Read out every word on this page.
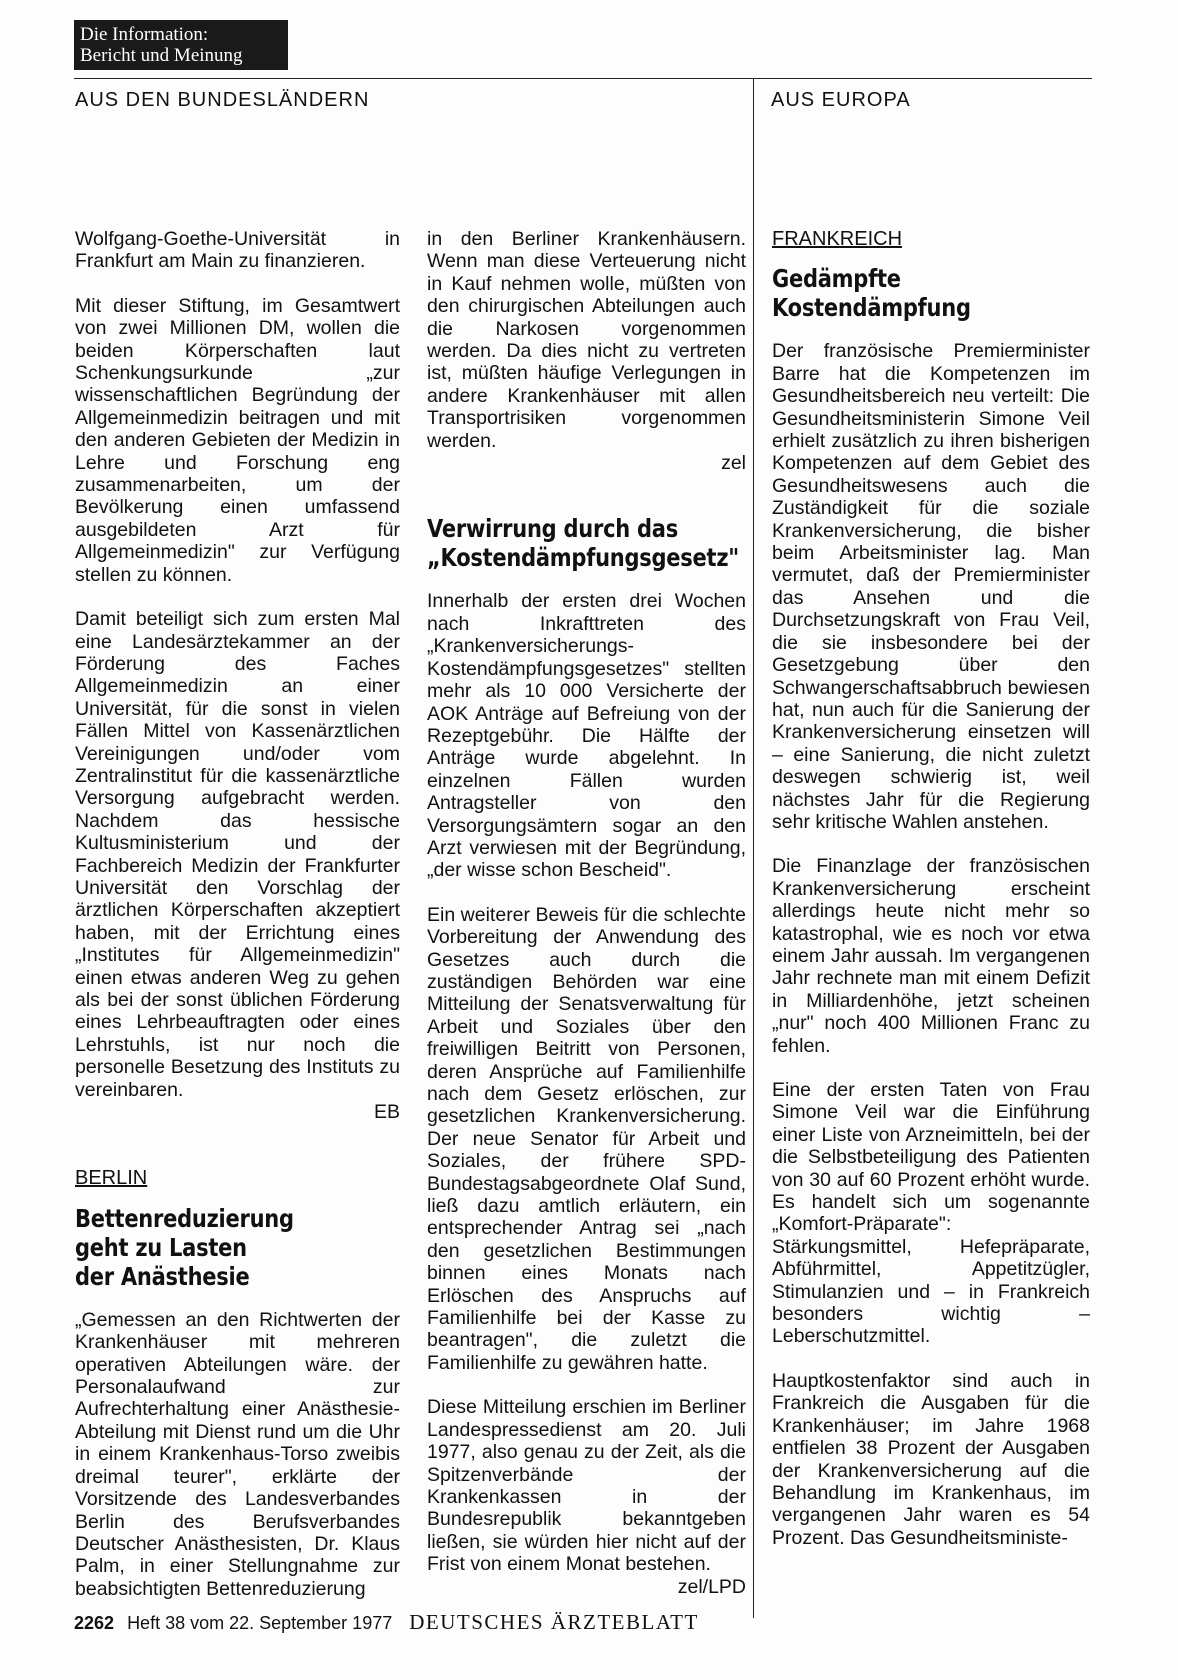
Die Information:
Bericht und Meinung
AUS DEN BUNDESLÄNDERN	AUS EUROPA

Wolfgang-Goethe-Universität in Frankfurt am Main zu finanzieren.

Mit dieser Stiftung, im Gesamtwert von zwei Millionen DM, wollen die beiden Körperschaften laut Schenkungsurkunde „zur wissenschaftlichen Begründung der Allgemeinmedizin beitragen und mit den anderen Gebieten der Medizin in Lehre und Forschung eng zusammenarbeiten, um der Bevölkerung einen umfassend ausgebildeten Arzt für Allgemeinmedizin" zur Verfügung stellen zu können.

Damit beteiligt sich zum ersten Mal eine Landesärztekammer an der Förderung des Faches Allgemeinmedizin an einer Universität, für die sonst in vielen Fällen Mittel von Kassenärztlichen Vereinigungen und/oder vom Zentralinstitut für die kassenärztliche Versorgung aufgebracht werden. Nachdem das hessische Kultusministerium und der Fachbereich Medizin der Frankfurter Universität den Vorschlag der ärztlichen Körperschaften akzeptiert haben, mit der Errichtung eines „Institutes für Allgemeinmedizin" einen etwas anderen Weg zu gehen als bei der sonst üblichen Förderung eines Lehrbeauftragten oder eines Lehrstuhls, ist nur noch die personelle Besetzung des Instituts zu vereinbaren.
EB

BERLIN
Bettenreduzierung
geht zu Lasten
der Anästhesie

„Gemessen an den Richtwerten der Krankenhäuser mit mehreren operativen Abteilungen wäre. der Personalaufwand zur Aufrechterhaltung einer Anästhesie-Abteilung mit Dienst rund um die Uhr in einem Krankenhaus-Torso zweibis dreimal teurer", erklärte der Vorsitzende des Landesverbandes Berlin des Berufsverbandes Deutscher Anästhesisten, Dr. Klaus Palm, in einer Stellungnahme zur beabsichtigten Bettenreduzierung

in den Berliner Krankenhäusern. Wenn man diese Verteuerung nicht in Kauf nehmen wolle, müßten von den chirurgischen Abteilungen auch die Narkosen vorgenommen werden. Da dies nicht zu vertreten ist, müßten häufige Verlegungen in andere Krankenhäuser mit allen Transportrisiken vorgenommen werden.
zel

Verwirrung durch das
„Kostendämpfungsgesetz"

Innerhalb der ersten drei Wochen nach Inkrafttreten des „Krankenversicherungs-Kostendämpfungsgesetzes" stellten mehr als 10 000 Versicherte der AOK Anträge auf Befreiung von der Rezeptgebühr. Die Hälfte der Anträge wurde abgelehnt. In einzelnen Fällen wurden Antragsteller von den Versorgungsämtern sogar an den Arzt verwiesen mit der Begründung, „der wisse schon Bescheid".

Ein weiterer Beweis für die schlechte Vorbereitung der Anwendung des Gesetzes auch durch die zuständigen Behörden war eine Mitteilung der Senatsverwaltung für Arbeit und Soziales über den freiwilligen Beitritt von Personen, deren Ansprüche auf Familienhilfe nach dem Gesetz erlöschen, zur gesetzlichen Krankenversicherung. Der neue Senator für Arbeit und Soziales, der frühere SPD-Bundestagsabgeordnete Olaf Sund, ließ dazu amtlich erläutern, ein entsprechender Antrag sei „nach den gesetzlichen Bestimmungen binnen eines Monats nach Erlöschen des Anspruchs auf Familienhilfe bei der Kasse zu beantragen", die zuletzt die Familienhilfe zu gewähren hatte.

Diese Mitteilung erschien im Berliner Landespressedienst am 20. Juli 1977, also genau zu der Zeit, als die Spitzenverbände der Krankenkassen in der Bundesrepublik bekanntgeben ließen, sie würden hier nicht auf der Frist von einem Monat bestehen.
zel/LPD

FRANKREICH
Gedämpfte
Kostendämpfung

Der französische Premierminister Barre hat die Kompetenzen im Gesundheitsbereich neu verteilt: Die Gesundheitsministerin Simone Veil erhielt zusätzlich zu ihren bisherigen Kompetenzen auf dem Gebiet des Gesundheitswesens auch die Zuständigkeit für die soziale Krankenversicherung, die bisher beim Arbeitsminister lag. Man vermutet, daß der Premierminister das Ansehen und die Durchsetzungskraft von Frau Veil, die sie insbesondere bei der Gesetzgebung über den Schwangerschaftsabbruch bewiesen hat, nun auch für die Sanierung der Krankenversicherung einsetzen will – eine Sanierung, die nicht zuletzt deswegen schwierig ist, weil nächstes Jahr für die Regierung sehr kritische Wahlen anstehen.

Die Finanzlage der französischen Krankenversicherung erscheint allerdings heute nicht mehr so katastrophal, wie es noch vor etwa einem Jahr aussah. Im vergangenen Jahr rechnete man mit einem Defizit in Milliardenhöhe, jetzt scheinen „nur" noch 400 Millionen Franc zu fehlen.

Eine der ersten Taten von Frau Simone Veil war die Einführung einer Liste von Arzneimitteln, bei der die Selbstbeteiligung des Patienten von 30 auf 60 Prozent erhöht wurde. Es handelt sich um sogenannte „Komfort-Präparate": Stärkungsmittel, Hefepräparate, Abführmittel, Appetitzügler, Stimulanzien und – in Frankreich besonders wichtig – Leberschutzmittel.

Hauptkostenfaktor sind auch in Frankreich die Ausgaben für die Krankenhäuser; im Jahre 1968 entfielen 38 Prozent der Ausgaben der Krankenversicherung auf die Behandlung im Krankenhaus, im vergangenen Jahr waren es 54 Prozent. Das Gesundheitsministe-

2262 Heft 38 vom 22. September 1977 DEUTSCHES ÄRZTEBLATT
